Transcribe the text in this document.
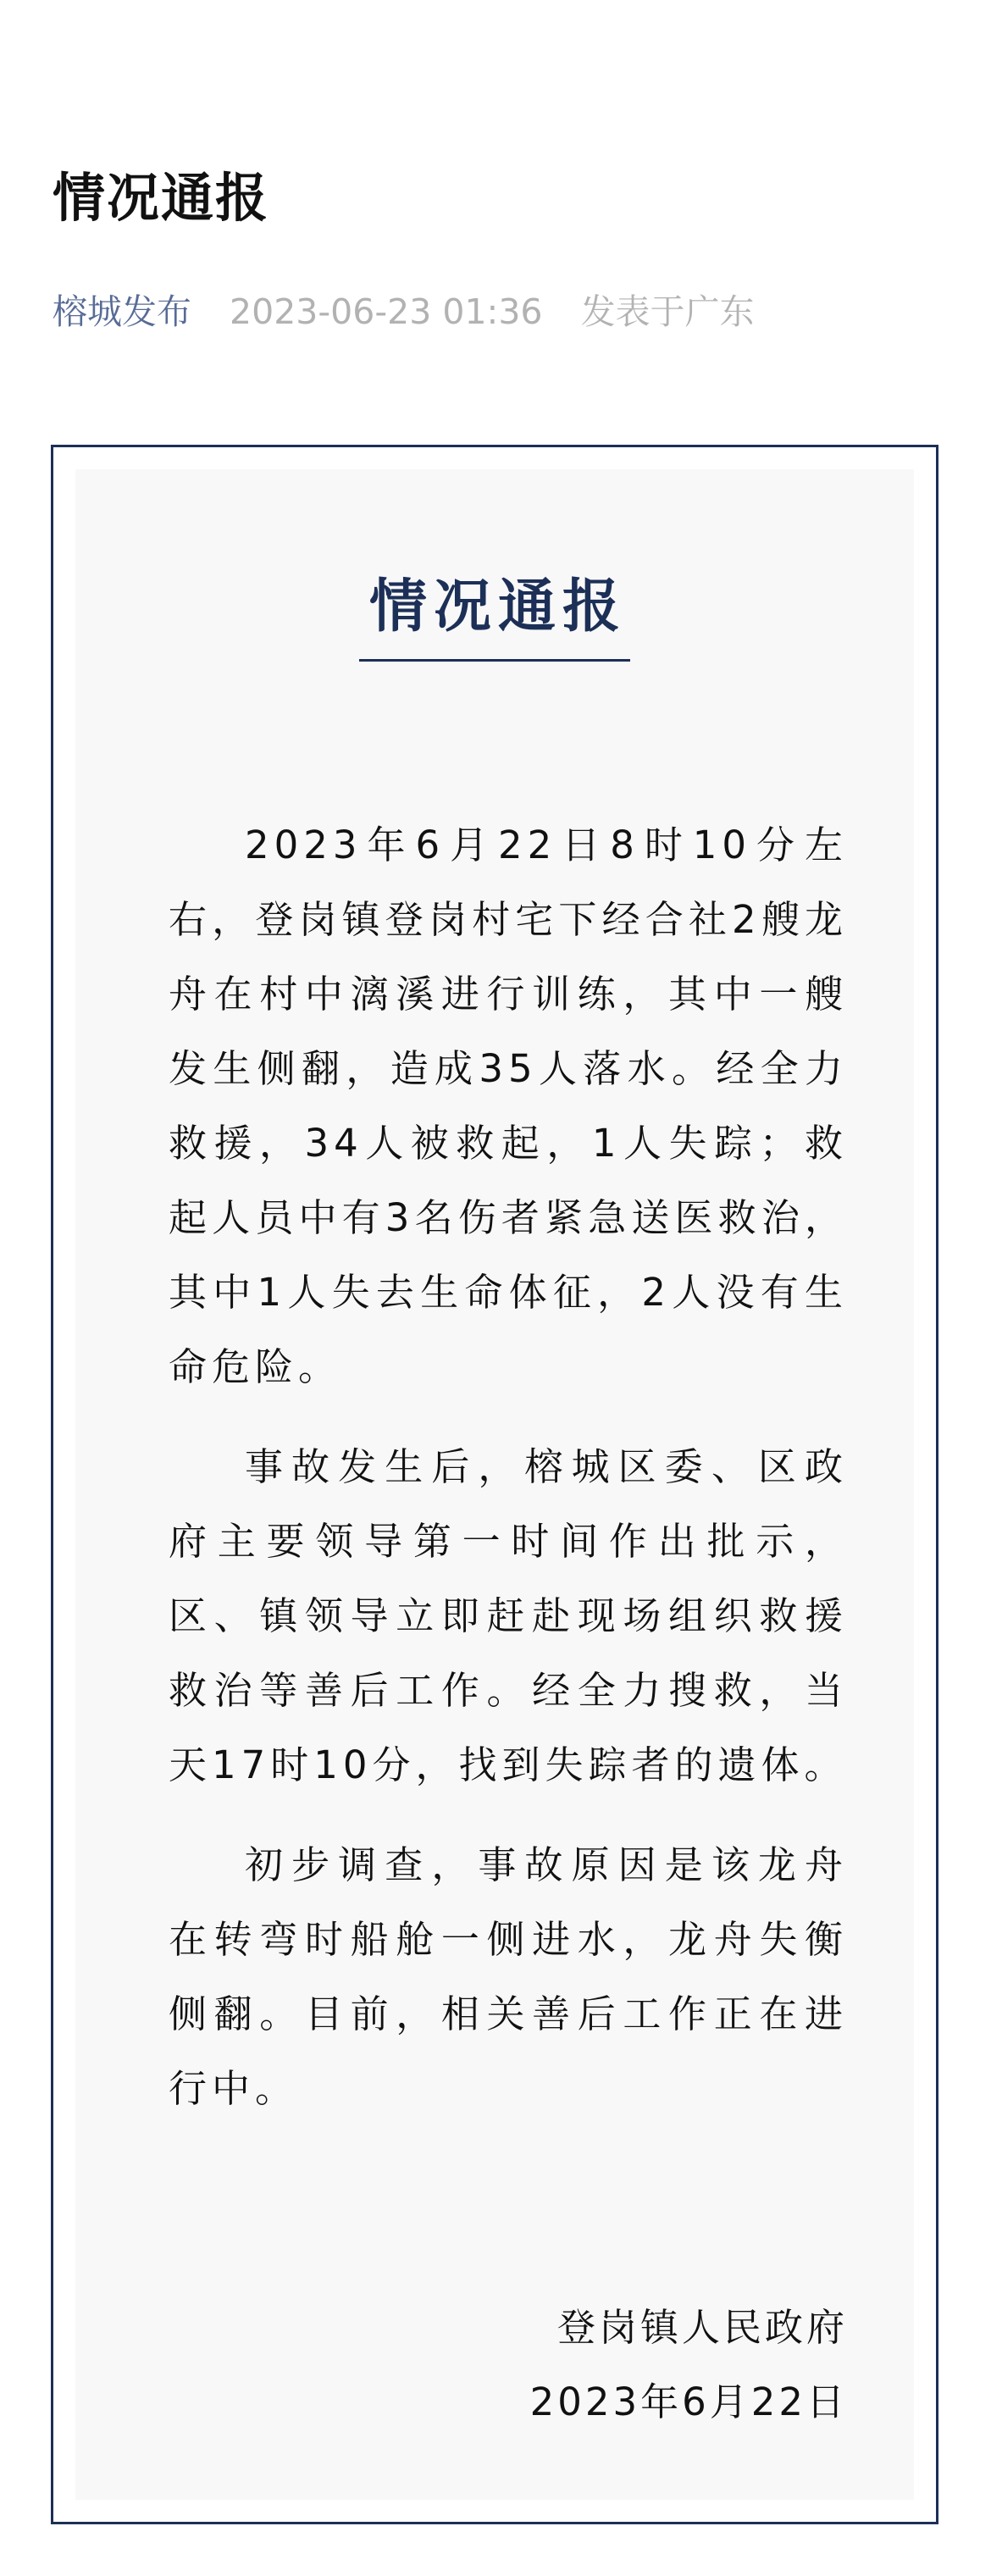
情况通报
榕城发布 2023-06-23 01:36 发表于广东
情况通报

2023年6月22日8时10分左右，登岗镇登岗村宅下经合社2艘龙舟在村中漓溪进行训练，其中一艘发生侧翻，造成35人落水。经全力救援，34人被救起，1人失踪；救起人员中有3名伤者紧急送医救治，其中1人失去生命体征，2人没有生命危险。

事故发生后，榕城区委、区政府主要领导第一时间作出批示，区、镇领导立即赶赴现场组织救援救治等善后工作。经全力搜救，当天17时10分，找到失踪者的遗体。

初步调查，事故原因是该龙舟在转弯时船舱一侧进水，龙舟失衡侧翻。目前，相关善后工作正在进行中。

登岗镇人民政府
2023年6月22日
